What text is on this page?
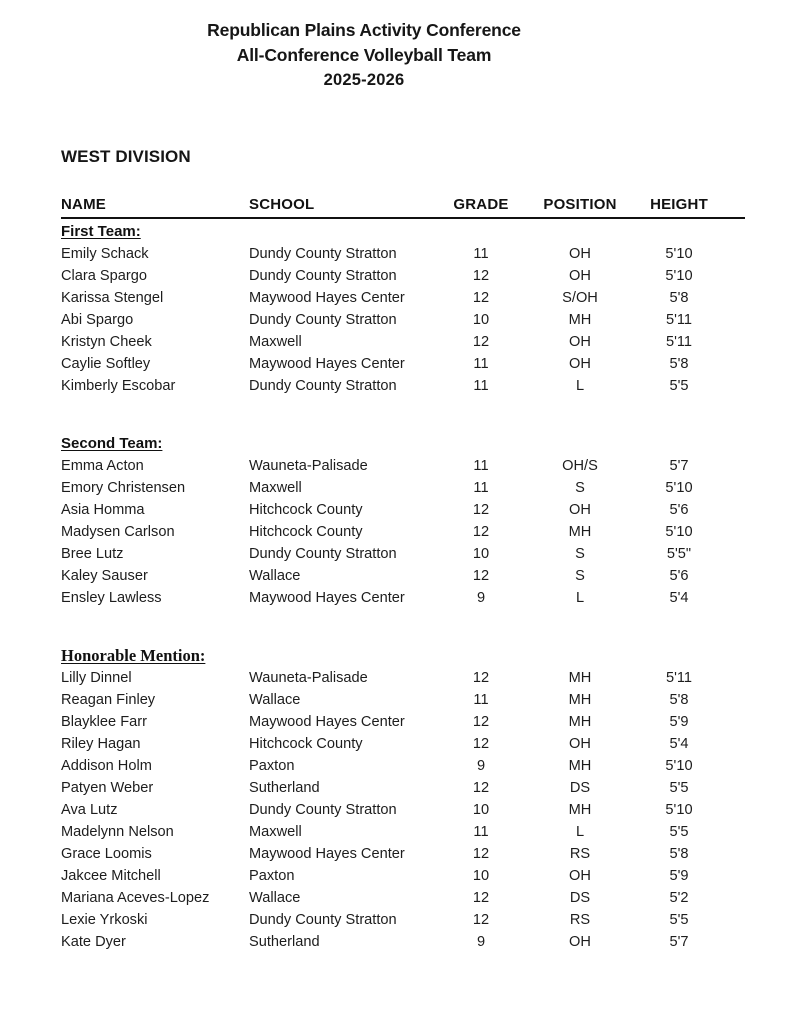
Republican Plains Activity Conference
All-Conference Volleyball Team
2025-2026
WEST DIVISION
NAME	SCHOOL	GRADE	POSITION	HEIGHT
First Team:
Emily Schack	Dundy County Stratton	11	OH	5'10
Clara Spargo	Dundy County Stratton	12	OH	5'10
Karissa Stengel	Maywood Hayes Center	12	S/OH	5'8
Abi Spargo	Dundy County Stratton	10	MH	5'11
Kristyn Cheek	Maxwell	12	OH	5'11
Caylie Softley	Maywood Hayes Center	11	OH	5'8
Kimberly Escobar	Dundy County Stratton	11	L	5'5
Second Team:
Emma Acton	Wauneta-Palisade	11	OH/S	5'7
Emory Christensen	Maxwell	11	S	5'10
Asia Homma	Hitchcock County	12	OH	5'6
Madysen Carlson	Hitchcock County	12	MH	5'10
Bree Lutz	Dundy County Stratton	10	S	5'5"
Kaley Sauser	Wallace	12	S	5'6
Ensley Lawless	Maywood Hayes Center	9	L	5'4
Honorable Mention:
Lilly Dinnel	Wauneta-Palisade	12	MH	5'11
Reagan Finley	Wallace	11	MH	5'8
Blayklee Farr	Maywood Hayes Center	12	MH	5'9
Riley Hagan	Hitchcock County	12	OH	5'4
Addison Holm	Paxton	9	MH	5'10
Patyen Weber	Sutherland	12	DS	5'5
Ava Lutz	Dundy County Stratton	10	MH	5'10
Madelynn Nelson	Maxwell	11	L	5'5
Grace Loomis	Maywood Hayes Center	12	RS	5'8
Jakcee Mitchell	Paxton	10	OH	5'9
Mariana Aceves-Lopez	Wallace	12	DS	5'2
Lexie Yrkoski	Dundy County Stratton	12	RS	5'5
Kate Dyer	Sutherland	9	OH	5'7
